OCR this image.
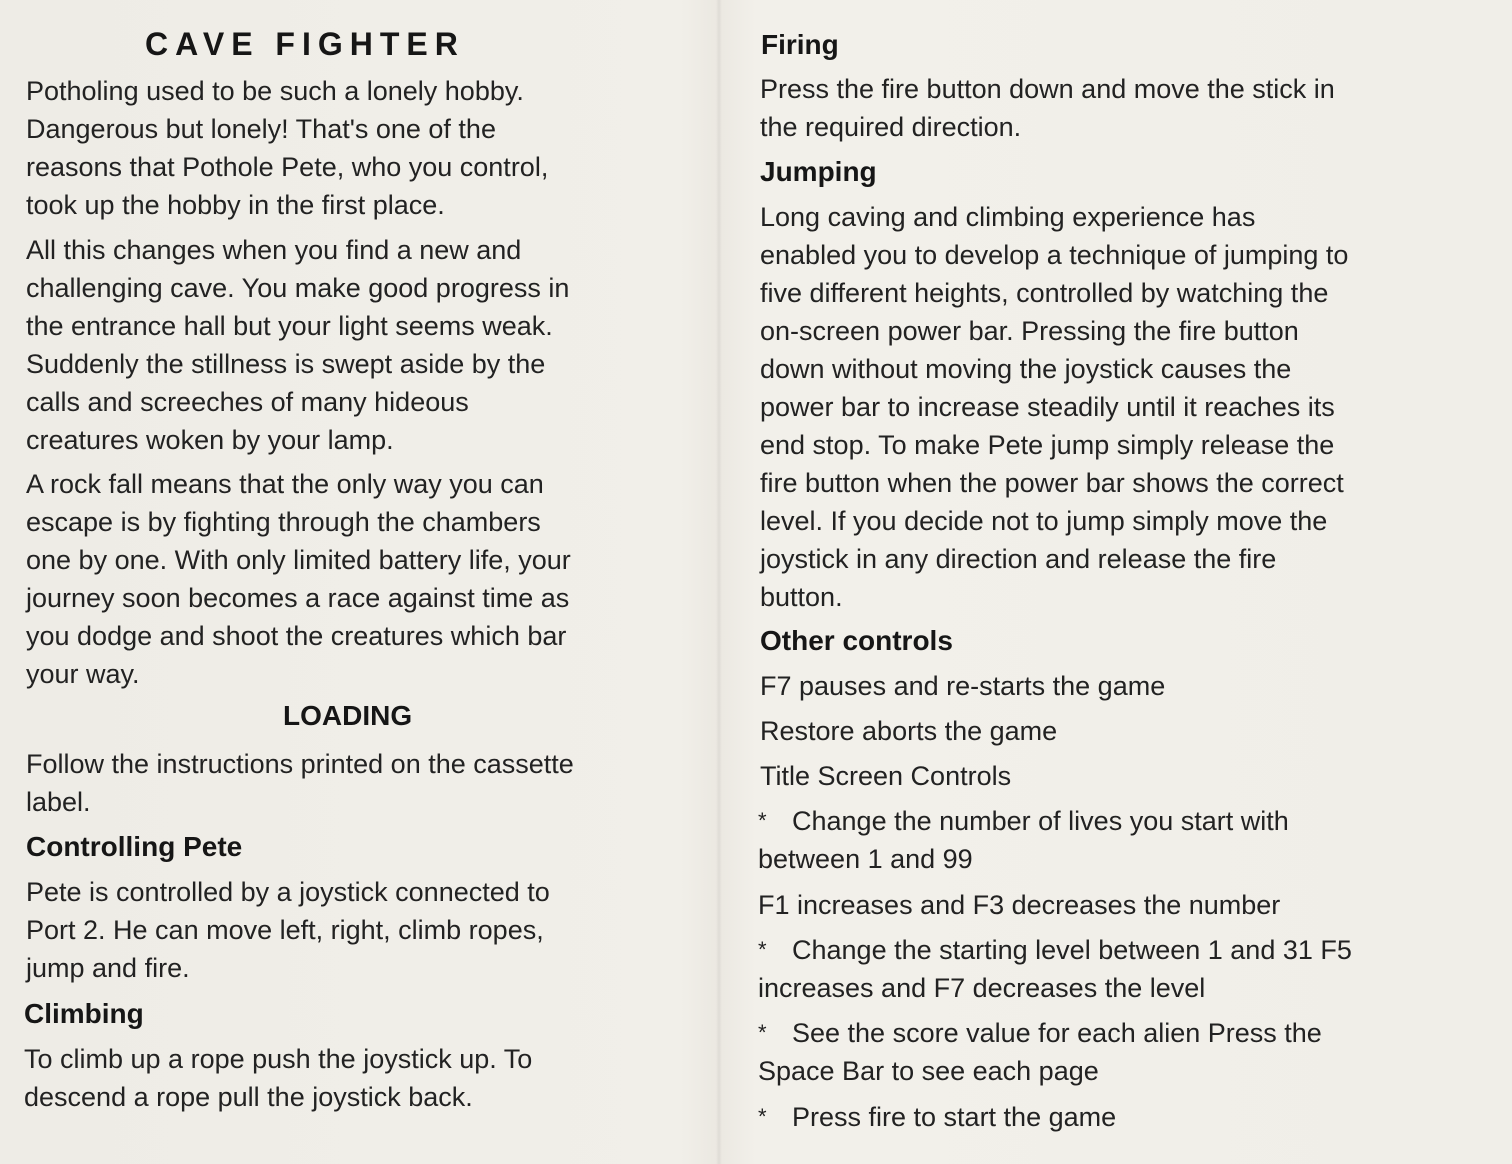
CAVE FIGHTER

Potholing used to be such a lonely hobby.
Dangerous but lonely! That's one of the
reasons that Pothole Pete, who you control,
took up the hobby in the first place.

All this changes when you find a new and
challenging cave. You make good progress in
the entrance hall but your light seems weak.
Suddenly the stillness is swept aside by the
calls and screeches of many hideous
creatures woken by your lamp.

A rock fall means that the only way you can
escape is by fighting through the chambers
one by one. With only limited battery life, your
journey soon becomes a race against time as
you dodge and shoot the creatures which bar
your way.

LOADING

Follow the instructions printed on the cassette
label.

Controlling Pete

Pete is controlled by a joystick connected to
Port 2. He can move left, right, climb ropes,
jump and fire.

Climbing

To climb up a rope push the joystick up. To
descend a rope pull the joystick back.

Firing

Press the fire button down and move the stick in
the required direction.

Jumping

Long caving and climbing experience has
enabled you to develop a technique of jumping to
five different heights, controlled by watching the
on-screen power bar. Pressing the fire button
down without moving the joystick causes the
power bar to increase steadily until it reaches its
end stop. To make Pete jump simply release the
fire button when the power bar shows the correct
level. If you decide not to jump simply move the
joystick in any direction and release the fire
button.

Other controls

F7 pauses and re-starts the game

Restore aborts the game

Title Screen Controls

* Change the number of lives you start with

between 1 and 99

F1 increases and F3 decreases the number

* Change the starting level between 1 and 31 F5

increases and F7 decreases the level

* See the score value for each alien Press the

Space Bar to see each page

* Press fire to start the game
